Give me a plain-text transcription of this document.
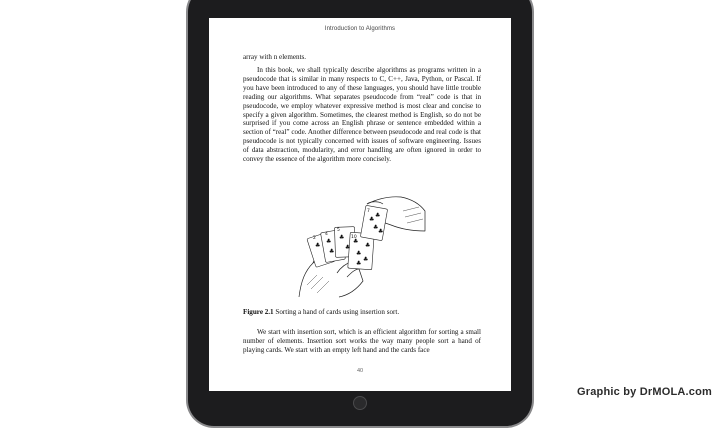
Introduction to Algorithms
array with n elements.
In this book, we shall typically describe algorithms as programs written in a pseudocode that is similar in many respects to C, C++, Java, Python, or Pascal. If you have been introduced to any of these languages, you should have little trouble reading our algorithms. What separates pseudocode from “real” code is that in pseudocode, we employ whatever expressive method is most clear and concise to specify a given algorithm. Sometimes, the clearest method is English, so do not be surprised if you come across an English phrase or sentence embedded within a section of “real” code. Another difference between pseudocode and real code is that pseudocode is not typically concerned with issues of software engineering. Issues of data abstraction, modularity, and error handling are often ignored in order to convey the essence of the algorithm more concisely.
♣
♣
♣
♣
♣
♣
♣
♣
♣
♣
♣
♣
♣
♣
2
4
5
10
7
Figure 2.1 Sorting a hand of cards using insertion sort.
We start with insertion sort, which is an efficient algorithm for sorting a small number of elements. Insertion sort works the way many people sort a hand of playing cards. We start with an empty left hand and the cards face
40
Graphic by DrMOLA.com
